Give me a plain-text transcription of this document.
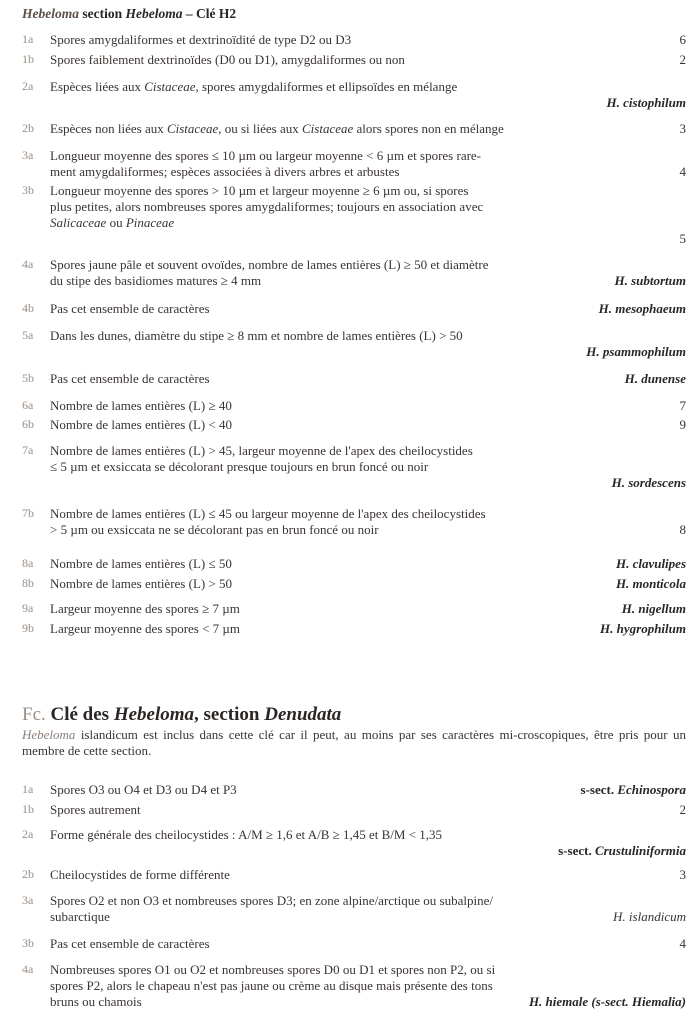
Hebeloma section Hebeloma – Clé H2
1a	Spores amygdaliformes et dextrinoïdité de type D2 ou D3	6
1b	Spores faiblement dextrinoïdes (D0 ou D1), amygdaliformes ou non	2
2a	Espèces liées aux Cistaceae, spores amygdaliformes et ellipsoïdes en mélange
H. cistophilum
2b	Espèces non liées aux Cistaceae, ou si liées aux Cistaceae alors spores non en mélange	3
3a	Longueur moyenne des spores ≤ 10 µm ou largeur moyenne < 6 µm et spores rare-
ment amygdaliformes; espèces associées à divers arbres et arbustes	4
3b	Longueur moyenne des spores > 10 µm et largeur moyenne ≥ 6 µm ou, si spores
plus petites, alors nombreuses spores amygdaliformes; toujours en association avec
Salicaceae ou Pinaceae
5
4a	Spores jaune pâle et souvent ovoïdes, nombre de lames entières (L) ≥ 50 et diamètre
du stipe des basidiomes matures ≥ 4 mm	H. subtortum
4b	Pas cet ensemble de caractères	H. mesophaeum
5a	Dans les dunes, diamètre du stipe ≥ 8 mm et nombre de lames entières (L) > 50
H. psammophilum
5b	Pas cet ensemble de caractères	H. dunense
6a	Nombre de lames entières (L) ≥ 40	7
6b	Nombre de lames entières (L) < 40	9
7a	Nombre de lames entières (L) > 45, largeur moyenne de l'apex des cheilocystides
≤ 5 µm et exsiccata se décolorant presque toujours en brun foncé ou noir
H. sordescens
7b	Nombre de lames entières (L) ≤ 45 ou largeur moyenne de l'apex des cheilocystides
> 5 µm ou exsiccata ne se décolorant pas en brun foncé ou noir	8
8a	Nombre de lames entières (L) ≤ 50	H. clavulipes
8b	Nombre de lames entières (L) > 50	H. monticola
9a	Largeur moyenne des spores ≥ 7 µm	H. nigellum
9b	Largeur moyenne des spores < 7 µm	H. hygrophilum
Fc. Clé des Hebeloma, section Denudata
Hebeloma islandicum est inclus dans cette clé car il peut, au moins par ses caractères mi-croscopiques, être pris pour un membre de cette section.
1a	Spores O3 ou O4 et D3 ou D4 et P3	s-sect. Echinospora
1b	Spores autrement	2
2a	Forme générale des cheilocystides : A/M ≥ 1,6 et A/B ≥ 1,45 et B/M < 1,35
s-sect. Crustuliniformia
2b	Cheilocystides de forme différente	3
3a	Spores O2 et non O3 et nombreuses spores D3; en zone alpine/arctique ou subalpine/
subarctique	H. islandicum
3b	Pas cet ensemble de caractères	4
4a	Nombreuses spores O1 ou O2 et nombreuses spores D0 ou D1 et spores non P2, ou si
spores P2, alors le chapeau n'est pas jaune ou crème au disque mais présente des tons
bruns ou chamois	H. hiemale (s-sect. Hiemalia)
